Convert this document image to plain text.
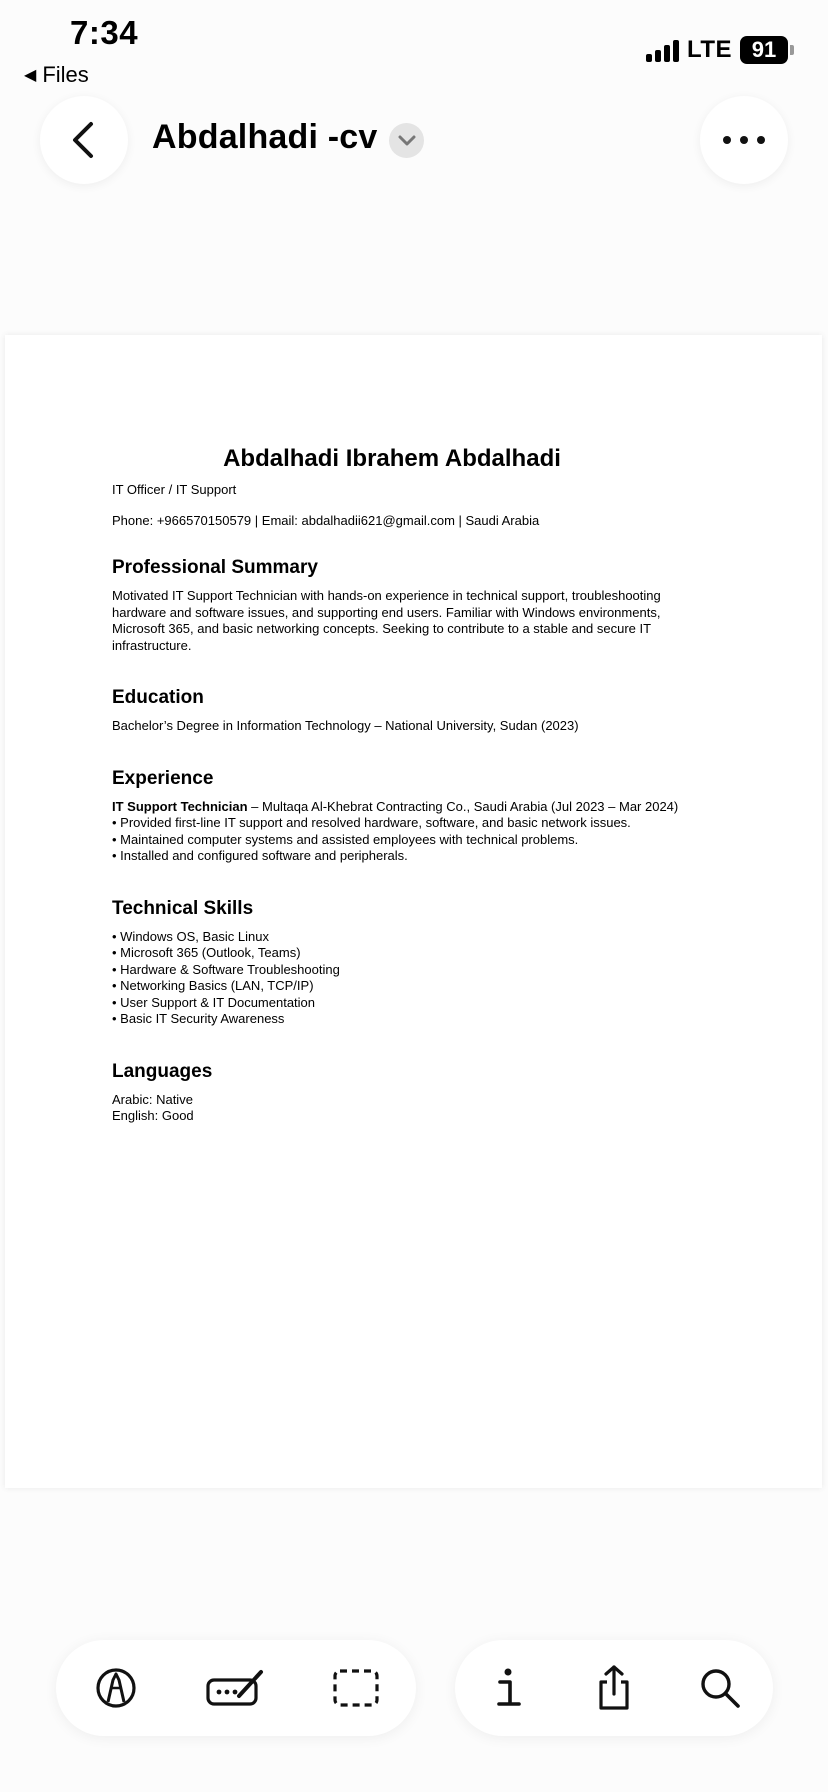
7:34
◀ Files
LTE 91
Abdalhadi -cv
Abdalhadi Ibrahem Abdalhadi
IT Officer / IT Support
Phone: +966570150579 | Email: abdalhadii621@gmail.com | Saudi Arabia
Professional Summary
Motivated IT Support Technician with hands-on experience in technical support, troubleshooting
hardware and software issues, and supporting end users. Familiar with Windows environments,
Microsoft 365, and basic networking concepts. Seeking to contribute to a stable and secure IT
infrastructure.
Education
Bachelor’s Degree in Information Technology – National University, Sudan (2023)
Experience
IT Support Technician – Multaqa Al-Khebrat Contracting Co., Saudi Arabia (Jul 2023 – Mar 2024)
• Provided first-line IT support and resolved hardware, software, and basic network issues.
• Maintained computer systems and assisted employees with technical problems.
• Installed and configured software and peripherals.
Technical Skills
• Windows OS, Basic Linux
• Microsoft 365 (Outlook, Teams)
• Hardware & Software Troubleshooting
• Networking Basics (LAN, TCP/IP)
• User Support & IT Documentation
• Basic IT Security Awareness
Languages
Arabic: Native
English: Good
